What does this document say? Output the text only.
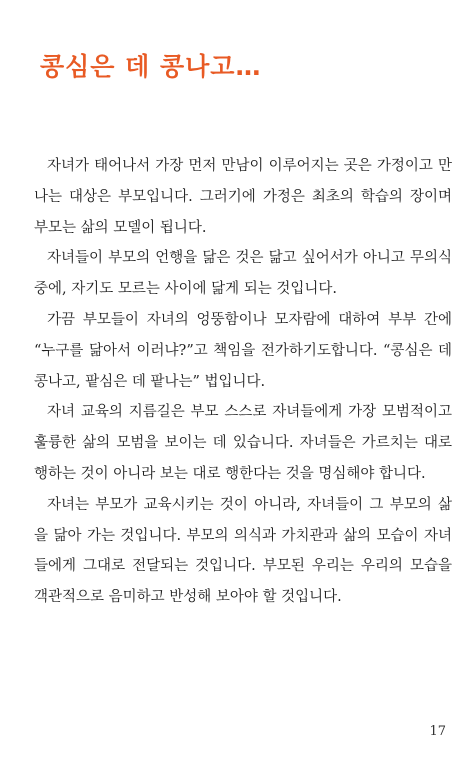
콩심은 데 콩나고…

자녀가 태어나서 가장 먼저 만남이 이루어지는 곳은 가정이고 만나는 대상은 부모입니다. 그러기에 가정은 최초의 학습의 장이며 부모는 삶의 모델이 됩니다.

자녀들이 부모의 언행을 닮은 것은 닮고 싶어서가 아니고 무의식 중에, 자기도 모르는 사이에 닮게 되는 것입니다.

가끔 부모들이 자녀의 엉뚱함이나 모자람에 대하여 부부 간에 “누구를 닮아서 이러냐?”고 책임을 전가하기도합니다. “콩심은 데 콩나고, 팥심은 데 팥나는” 법입니다.

자녀 교육의 지름길은 부모 스스로 자녀들에게 가장 모범적이고 훌륭한 삶의 모범을 보이는 데 있습니다. 자녀들은 가르치는 대로 행하는 것이 아니라 보는 대로 행한다는 것을 명심해야 합니다.

자녀는 부모가 교육시키는 것이 아니라, 자녀들이 그 부모의 삶을 닮아 가는 것입니다. 부모의 의식과 가치관과 삶의 모습이 자녀들에게 그대로 전달되는 것입니다. 부모된 우리는 우리의 모습을 객관적으로 음미하고 반성해 보아야 할 것입니다.

17
